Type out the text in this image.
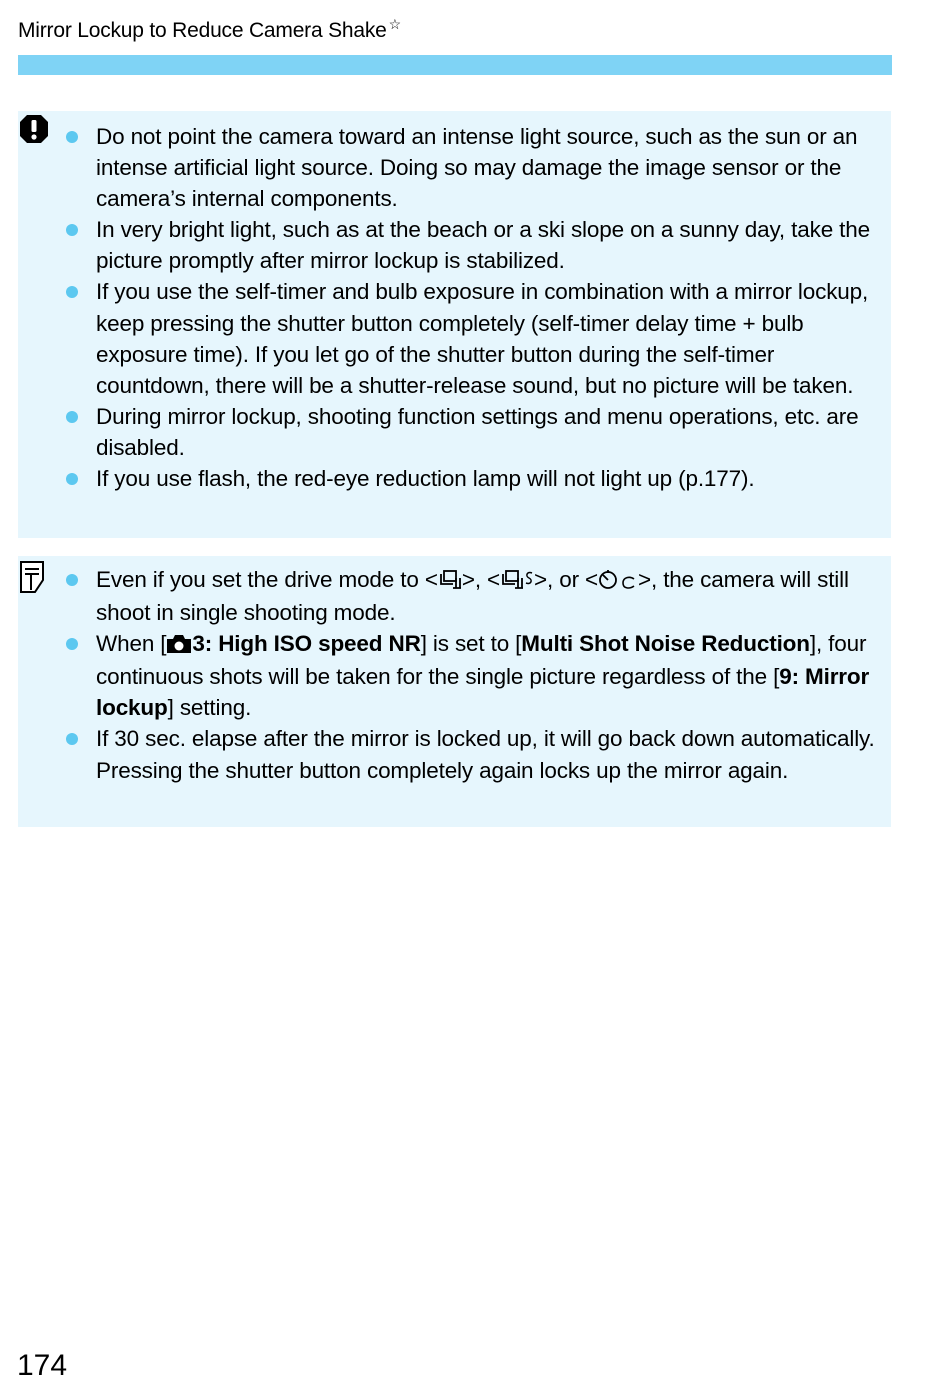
Mirror Lockup to Reduce Camera Shake ☆
Do not point the camera toward an intense light source, such as the sun or an intense artificial light source. Doing so may damage the image sensor or the camera’s internal components.
In very bright light, such as at the beach or a ski slope on a sunny day, take the picture promptly after mirror lockup is stabilized.
If you use the self-timer and bulb exposure in combination with a mirror lockup, keep pressing the shutter button completely (self-timer delay time + bulb exposure time). If you let go of the shutter button during the self-timer countdown, there will be a shutter-release sound, but no picture will be taken.
During mirror lockup, shooting function settings and menu operations, etc. are disabled.
If you use flash, the red-eye reduction lamp will not light up (p.177).
Even if you set the drive mode to < >, < >, or < >, the camera will still shoot in single shooting mode.
When [ 3: High ISO speed NR] is set to [Multi Shot Noise Reduction], four continuous shots will be taken for the single picture regardless of the [9: Mirror lockup] setting.
If 30 sec. elapse after the mirror is locked up, it will go back down automatically. Pressing the shutter button completely again locks up the mirror again.
174
